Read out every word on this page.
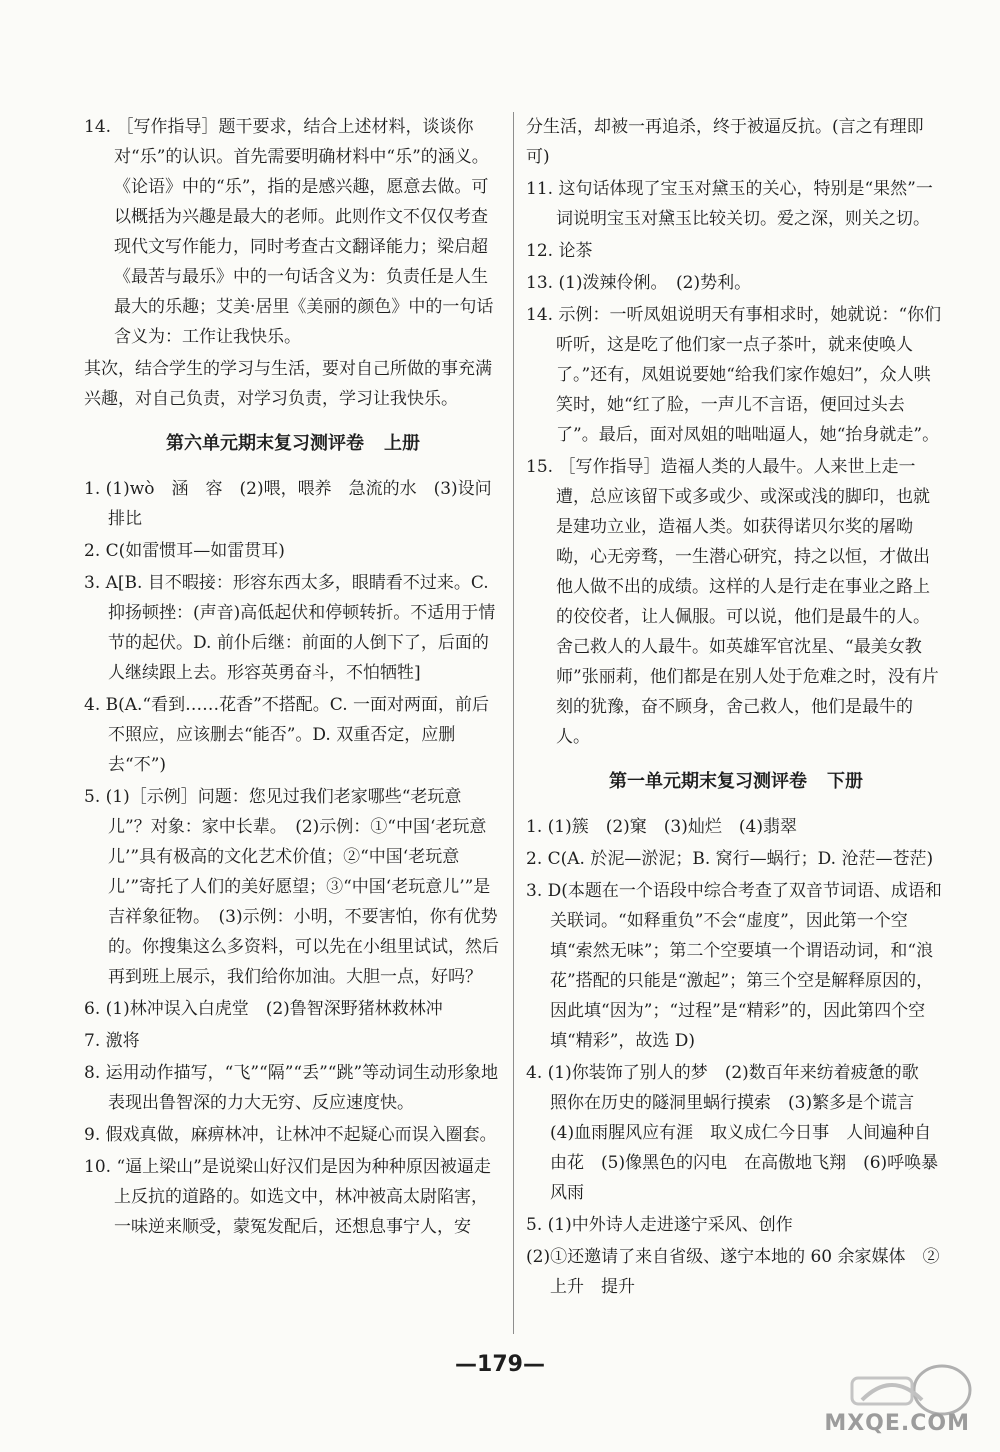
14. ［写作指导］题干要求，结合上述材料，谈谈你对“乐”的认识。首先需要明确材料中“乐”的涵义。《论语》中的“乐”，指的是感兴趣，愿意去做。可以概括为兴趣是最大的老师。此则作文不仅仅考查现代文写作能力，同时考查古文翻译能力；梁启超《最苦与最乐》中的一句话含义为：负责任是人生最大的乐趣；艾美·居里《美丽的颜色》中的一句话含义为：工作让我快乐。

其次，结合学生的学习与生活，要对自己所做的事充满兴趣，对自己负责，对学习负责，学习让我快乐。

第六单元期末复习测评卷 上册

1. (1)wò　涵　容　(2)喂，喂养　急流的水　(3)设问　排比

2. C(如雷惯耳—如雷贯耳)

3. A[B. 目不暇接：形容东西太多，眼睛看不过来。C. 抑扬顿挫：(声音)高低起伏和停顿转折。不适用于情节的起伏。D. 前仆后继：前面的人倒下了，后面的人继续跟上去。形容英勇奋斗，不怕牺牲]

4. B(A.“看到……花香”不搭配。C. 一面对两面，前后不照应，应该删去“能否”。D. 双重否定，应删去“不”)

5. (1)［示例］问题：您见过我们老家哪些“老玩意儿”？对象：家中长辈。　(2)示例：①“中国‘老玩意儿’”具有极高的文化艺术价值；②“中国‘老玩意儿’”寄托了人们的美好愿望；③“中国‘老玩意儿’”是吉祥象征物。　(3)示例：小明，不要害怕，你有优势的。你搜集这么多资料，可以先在小组里试试，然后再到班上展示，我们给你加油。大胆一点，好吗？

6. (1)林冲误入白虎堂　(2)鲁智深野猪林救林冲

7. 激将

8. 运用动作描写，“飞”“隔”“丢”“跳”等动词生动形象地表现出鲁智深的力大无穷、反应速度快。

9. 假戏真做，麻痹林冲，让林冲不起疑心而误入圈套。

10. “逼上梁山”是说梁山好汉们是因为种种原因被逼走上反抗的道路的。如选文中，林冲被高太尉陷害，一味逆来顺受，蒙冤发配后，还想息事宁人，安

分生活，却被一再追杀，终于被逼反抗。(言之有理即可)

11. 这句话体现了宝玉对黛玉的关心，特别是“果然”一词说明宝玉对黛玉比较关切。爱之深，则关之切。

12. 论茶

13. (1)泼辣伶俐。　(2)势利。

14. 示例：一听凤姐说明天有事相求时，她就说：“你们听听，这是吃了他们家一点子茶叶，就来使唤人了。”还有，凤姐说要她“给我们家作媳妇”，众人哄笑时，她“红了脸，一声儿不言语，便回过头去了”。最后，面对凤姐的咄咄逼人，她“抬身就走”。

15. ［写作指导］造福人类的人最牛。人来世上走一遭，总应该留下或多或少、或深或浅的脚印，也就是建功立业，造福人类。如获得诺贝尔奖的屠呦呦，心无旁骛，一生潜心研究，持之以恒，才做出他人做不出的成绩。这样的人是行走在事业之路上的佼佼者，让人佩服。可以说，他们是最牛的人。舍己救人的人最牛。如英雄军官沈星、“最美女教师”张丽莉，他们都是在别人处于危难之时，没有片刻的犹豫，奋不顾身，舍己救人，他们是最牛的人。

第一单元期末复习测评卷 下册

1. (1)簇　(2)窠　(3)灿烂　(4)翡翠

2. C(A. 於泥—淤泥；B. 窝行—蜗行；D. 沧茫—苍茫)

3. D(本题在一个语段中综合考查了双音节词语、成语和关联词。“如释重负”不会“虚度”，因此第一个空填“索然无味”；第二个空要填一个谓语动词，和“浪花”搭配的只能是“激起”；第三个空是解释原因的，因此填“因为”；“过程”是“精彩”的，因此第四个空填“精彩”，故选 D)

4. (1)你装饰了别人的梦　(2)数百年来纺着疲惫的歌　照你在历史的隧洞里蜗行摸索　(3)繁多是个谎言　(4)血雨腥风应有涯　取义成仁今日事　人间遍种自由花　(5)像黑色的闪电　在高傲地飞翔　(6)呼唤暴风雨

5. (1)中外诗人走进遂宁采风、创作

(2)①还邀请了来自省级、遂宁本地的 60 余家媒体　②上升　提升

—179—
MXQE.COM
